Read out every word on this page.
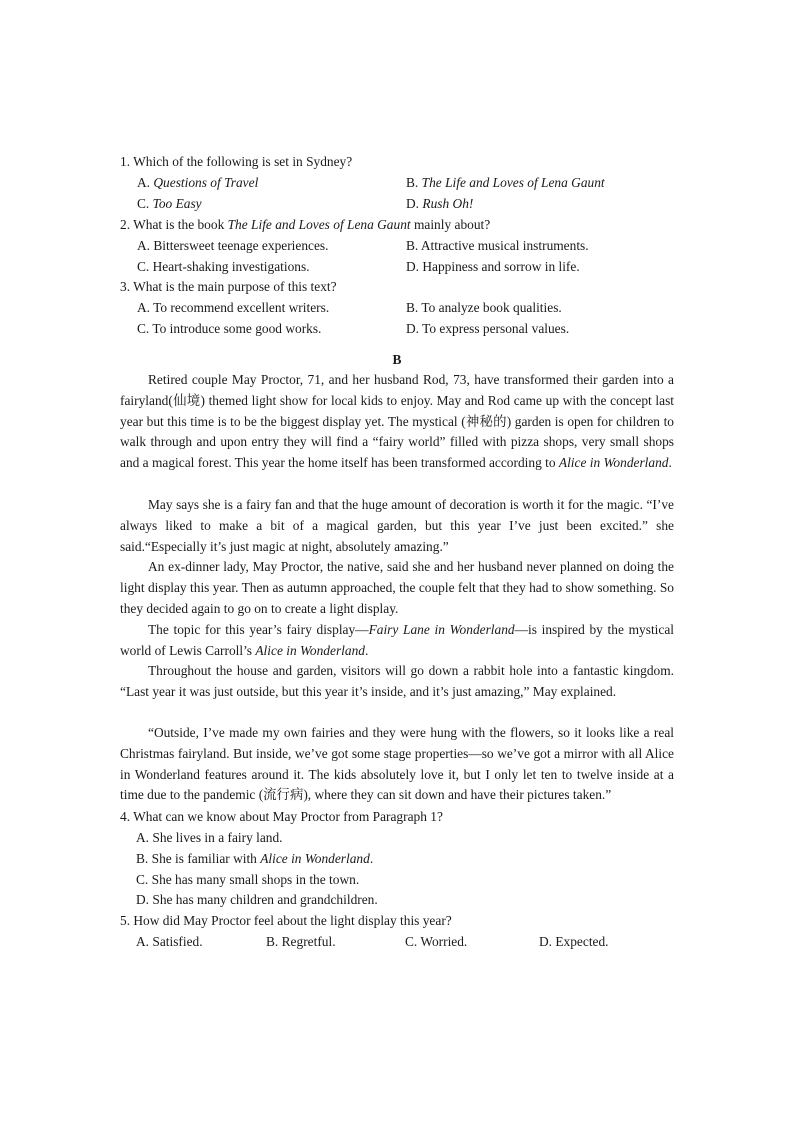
1. Which of the following is set in Sydney?
A. Questions of Travel	B. The Life and Loves of Lena Gaunt
C. Too Easy	D. Rush Oh!
2. What is the book The Life and Loves of Lena Gaunt mainly about?
A. Bittersweet teenage experiences.	B. Attractive musical instruments.
C. Heart-shaking investigations.	D. Happiness and sorrow in life.
3. What is the main purpose of this text?
A. To recommend excellent writers.	B. To analyze book qualities.
C. To introduce some good works.	D. To express personal values.
B
Retired couple May Proctor, 71, and her husband Rod, 73, have transformed their garden into a fairyland(仙境) themed light show for local kids to enjoy. May and Rod came up with the concept last year but this time is to be the biggest display yet. The mystical (神秘的) garden is open for children to walk through and upon entry they will find a “fairy world” filled with pizza shops, very small shops and a magical forest. This year the home itself has been transformed according to Alice in Wonderland.
May says she is a fairy fan and that the huge amount of decoration is worth it for the magic. “I’ve always liked to make a bit of a magical garden, but this year I’ve just been excited.” she said.“Especially it’s just magic at night, absolutely amazing.”
An ex-dinner lady, May Proctor, the native, said she and her husband never planned on doing the light display this year. Then as autumn approached, the couple felt that they had to show something. So they decided again to go on to create a light display.
The topic for this year’s fairy display—Fairy Lane in Wonderland—is inspired by the mystical world of Lewis Carroll’s Alice in Wonderland.
Throughout the house and garden, visitors will go down a rabbit hole into a fantastic kingdom. “Last year it was just outside, but this year it’s inside, and it’s just amazing,” May explained.
“Outside, I’ve made my own fairies and they were hung with the flowers, so it looks like a real Christmas fairyland. But inside, we’ve got some stage properties—so we’ve got a mirror with all Alice in Wonderland features around it. The kids absolutely love it, but I only let ten to twelve inside at a time due to the pandemic (流行病), where they can sit down and have their pictures taken.”
4. What can we know about May Proctor from Paragraph 1?
A. She lives in a fairy land.
B. She is familiar with Alice in Wonderland.
C. She has many small shops in the town.
D. She has many children and grandchildren.
5. How did May Proctor feel about the light display this year?
A. Satisfied.	B. Regretful.	C. Worried.	D. Expected.
